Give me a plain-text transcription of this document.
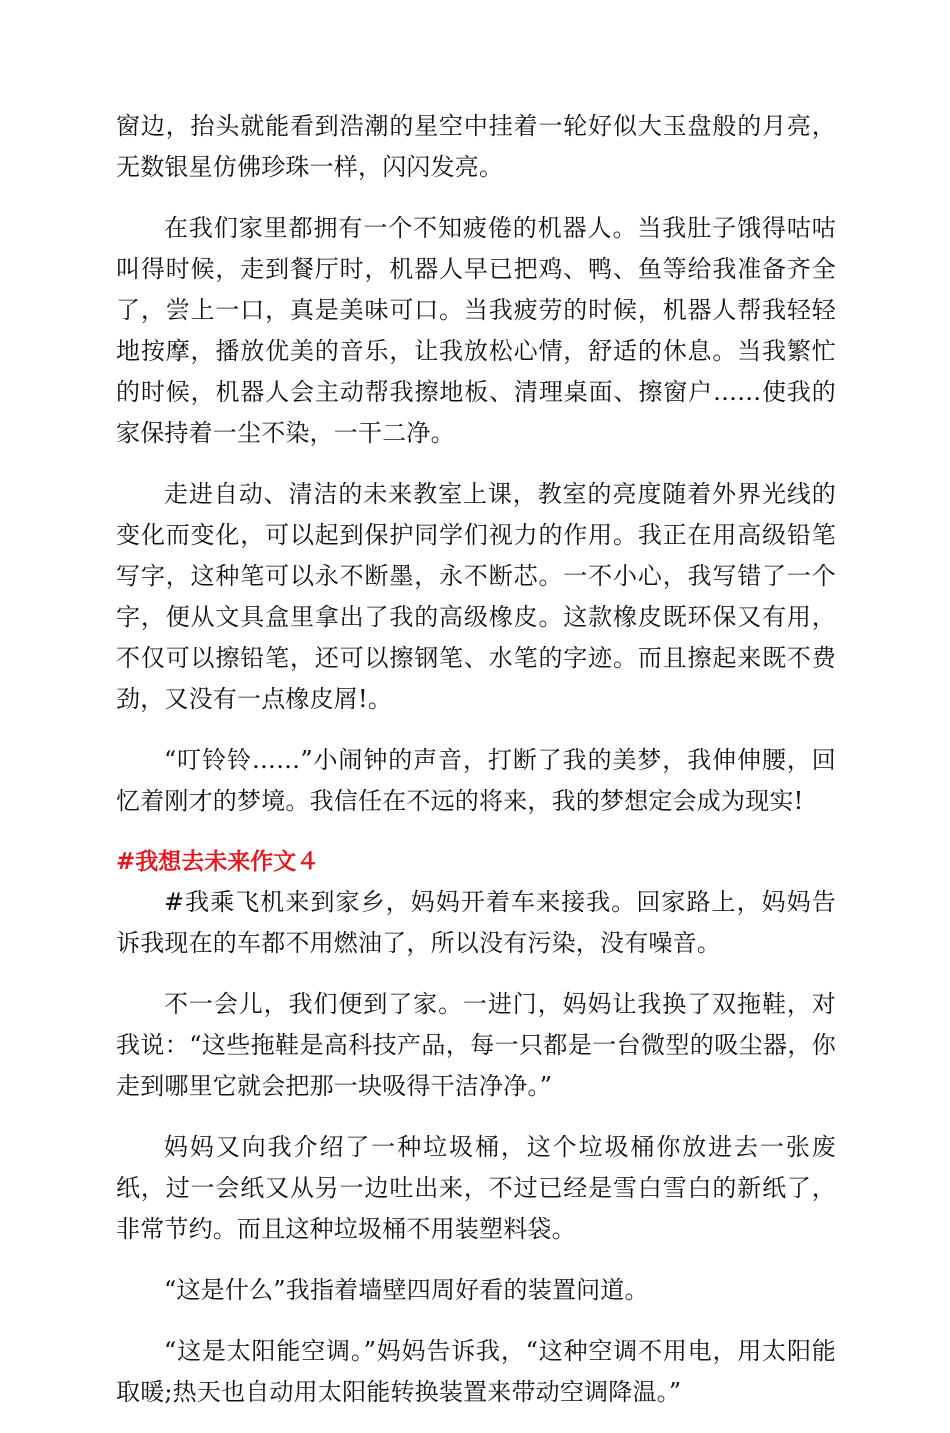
窗边，抬头就能看到浩潮的星空中挂着一轮好似大玉盘般的月亮，无数银星仿佛珍珠一样，闪闪发亮。

在我们家里都拥有一个不知疲倦的机器人。当我肚子饿得咕咕叫得时候，走到餐厅时，机器人早已把鸡、鸭、鱼等给我准备齐全了，尝上一口，真是美味可口。当我疲劳的时候，机器人帮我轻轻地按摩，播放优美的音乐，让我放松心情，舒适的休息。当我繁忙的时候，机器人会主动帮我擦地板、清理桌面、擦窗户……使我的家保持着一尘不染，一干二净。

走进自动、清洁的未来教室上课，教室的亮度随着外界光线的变化而变化，可以起到保护同学们视力的作用。我正在用高级铅笔写字，这种笔可以永不断墨，永不断芯。一不小心，我写错了一个字，便从文具盒里拿出了我的高级橡皮。这款橡皮既环保又有用，不仅可以擦铅笔，还可以擦钢笔、水笔的字迹。而且擦起来既不费劲，又没有一点橡皮屑!。

“叮铃铃……”小闹钟的声音，打断了我的美梦，我伸伸腰，回忆着刚才的梦境。我信任在不远的将来，我的梦想定会成为现实!

#我想去未来作文４

#我乘飞机来到家乡，妈妈开着车来接我。回家路上，妈妈告诉我现在的车都不用燃油了，所以没有污染，没有噪音。

不一会儿，我们便到了家。一进门，妈妈让我换了双拖鞋，对我说：“这些拖鞋是高科技产品，每一只都是一台微型的吸尘器，你走到哪里它就会把那一块吸得干洁净净。”

妈妈又向我介绍了一种垃圾桶，这个垃圾桶你放进去一张废纸，过一会纸又从另一边吐出来，不过已经是雪白雪白的新纸了，非常节约。而且这种垃圾桶不用装塑料袋。

“这是什么”我指着墙壁四周好看的装置问道。

“这是太阳能空调。”妈妈告诉我，“这种空调不用电，用太阳能取暖;热天也自动用太阳能转换装置来带动空调降温。”
